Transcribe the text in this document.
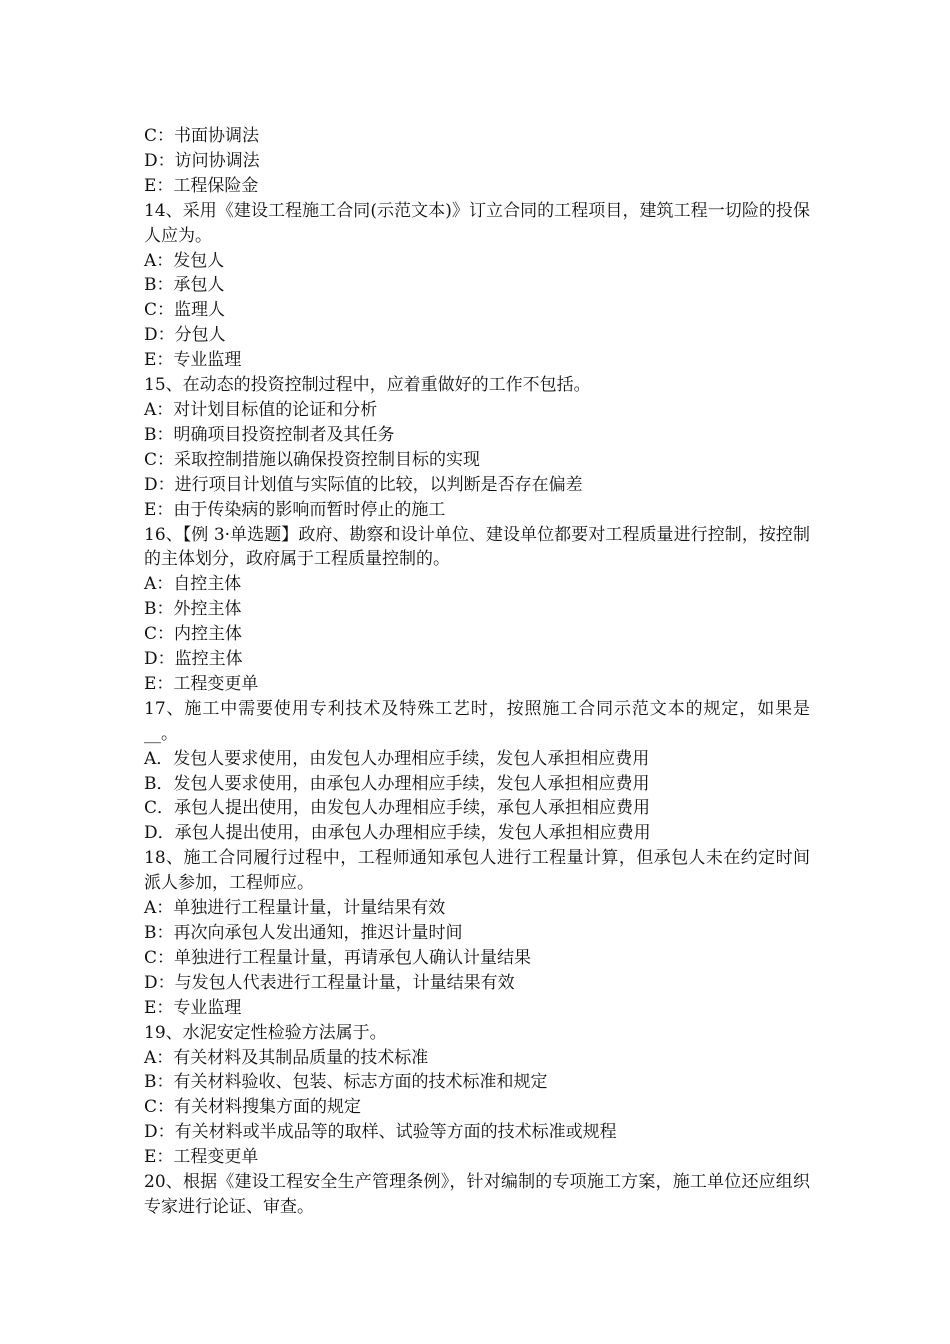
C：书面协调法
D：访问协调法
E：工程保险金
14、采用《建设工程施工合同(示范文本)》订立合同的工程项目，建筑工程一切险的投保人应为。
A：发包人
B：承包人
C：监理人
D：分包人
E：专业监理
15、在动态的投资控制过程中，应着重做好的工作不包括。
A：对计划目标值的论证和分析
B：明确项目投资控制者及其任务
C：采取控制措施以确保投资控制目标的实现
D：进行项目计划值与实际值的比较，以判断是否存在偏差
E：由于传染病的影响而暂时停止的施工
16、【例 3·单选题】政府、勘察和设计单位、建设单位都要对工程质量进行控制，按控制的主体划分，政府属于工程质量控制的。
A：自控主体
B：外控主体
C：内控主体
D：监控主体
E：工程变更单
17、施工中需要使用专利技术及特殊工艺时，按照施工合同示范文本的规定，如果是__。
A．发包人要求使用，由发包人办理相应手续，发包人承担相应费用
B．发包人要求使用，由承包人办理相应手续，发包人承担相应费用
C．承包人提出使用，由发包人办理相应手续，承包人承担相应费用
D．承包人提出使用，由承包人办理相应手续，发包人承担相应费用
18、施工合同履行过程中，工程师通知承包人进行工程量计算，但承包人未在约定时间派人参加，工程师应。
A：单独进行工程量计量，计量结果有效
B：再次向承包人发出通知，推迟计量时间
C：单独进行工程量计量，再请承包人确认计量结果
D：与发包人代表进行工程量计量，计量结果有效
E：专业监理
19、水泥安定性检验方法属于。
A：有关材料及其制品质量的技术标准
B：有关材料验收、包装、标志方面的技术标准和规定
C：有关材料搜集方面的规定
D：有关材料或半成品等的取样、试验等方面的技术标准或规程
E：工程变更单
20、根据《建设工程安全生产管理条例》，针对编制的专项施工方案，施工单位还应组织专家进行论证、审查。
